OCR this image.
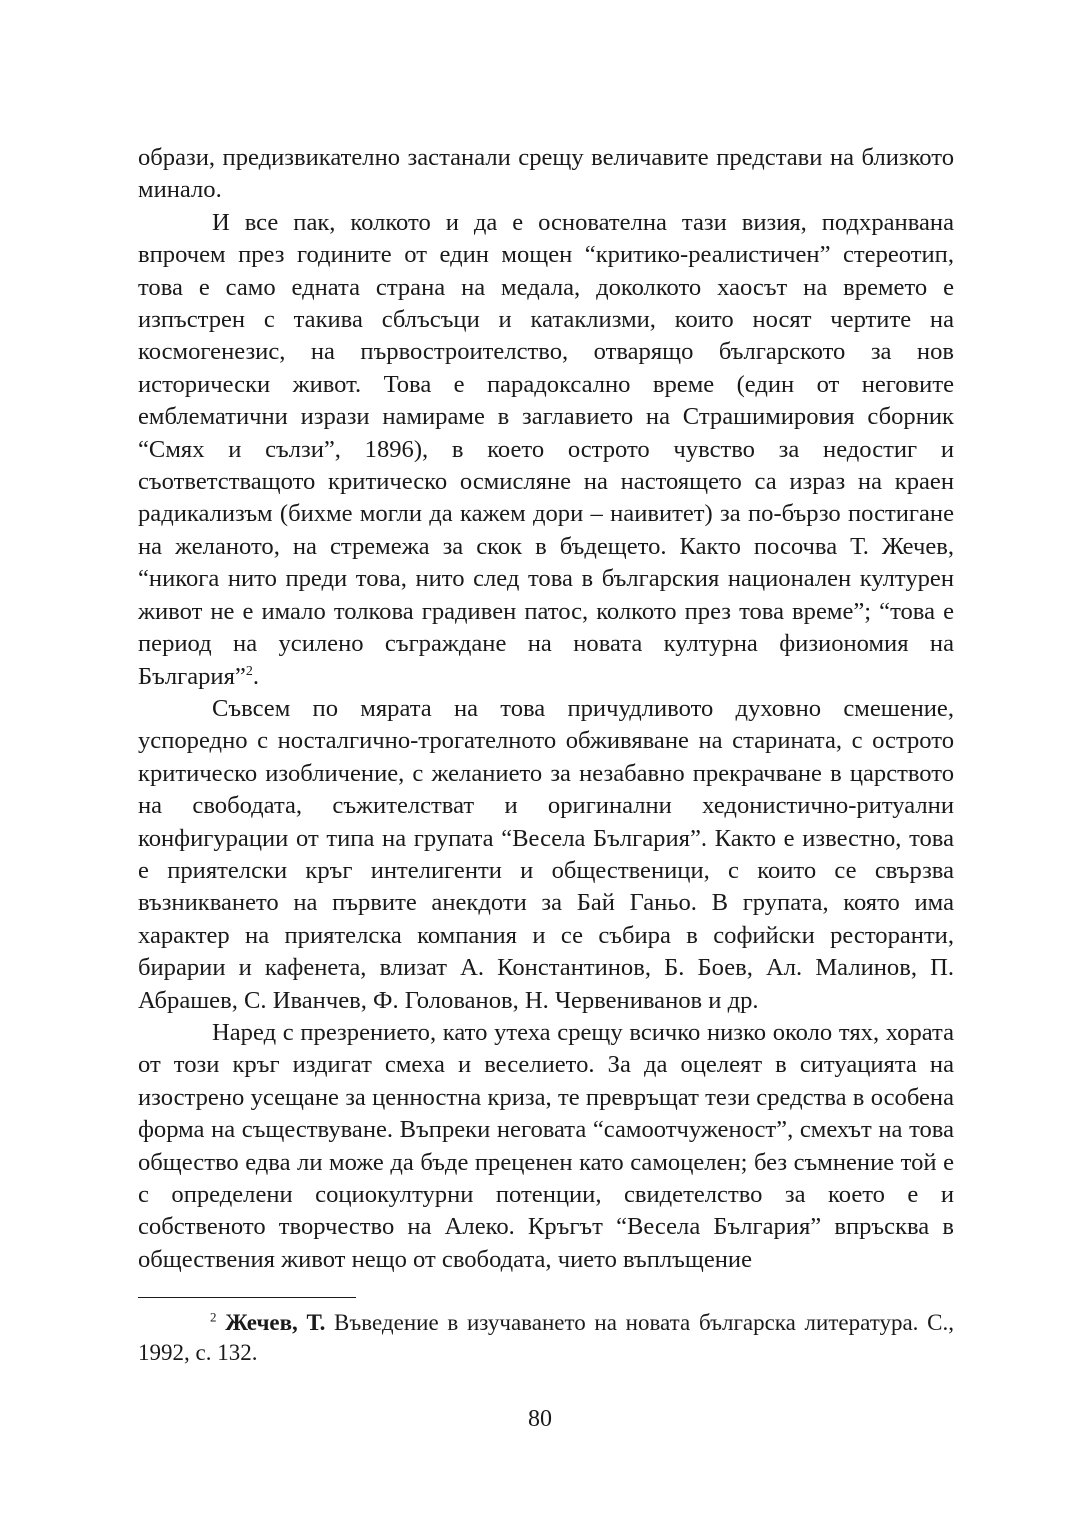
образи, предизвикателно застанали срещу величавите представи на близкото минало.

И все пак, колкото и да е основателна тази визия, подхранвана впрочем през годините от един мощен “критико-реалистичен” стереотип, това е само едната страна на медала, доколкото хаосът на времето е изпъстрен с такива сблъсъци и катаклизми, които носят чертите на космогенезис, на първостроителство, отварящо българското за нов исторически живот. Това е парадоксално време (един от неговите емблематични изрази намираме в заглавието на Страшимировия сборник “Смях и сълзи”, 1896), в което острото чувство за недостиг и съответстващото критическо осмисляне на настоящето са израз на краен радикализъм (бихме могли да кажем дори – наивитет) за по-бързо постигане на желаното, на стремежа за скок в бъдещето. Както посочва Т. Жечев, “никога нито преди това, нито след това в българския национален културен живот не е имало толкова градивен патос, колкото през това време”; “това е период на усилено съграждане на новата културна физиономия на България”$^2$.

Съвсем по мярата на това причудливото духовно смешение, успоредно с носталгично-трогателното обживяване на старината, с острото критическо изобличение, с желанието за незабавно прекрачване в царството на свободата, съжителстват и оригинални хедонистично-ритуални конфигурации от типа на групата “Весела България”. Както е известно, това е приятелски кръг интелигенти и общественици, с които се свързва възникването на първите анекдоти за Бай Ганьо. В групата, която има характер на приятелска компания и се събира в софийски ресторанти, бирарии и кафенета, влизат А. Константинов, Б. Боев, Ал. Малинов, П. Абрашев, С. Иванчев, Ф. Голованов, Н. Червениванов и др.

Наред с презрението, като утеха срещу всичко низко около тях, хората от този кръг издигат смеха и веселието. За да оцелеят в ситуацията на изострено усещане за ценностна криза, те превръщат тези средства в особена форма на съществуване. Въпреки неговата “самоотчуженост”, смехът на това общество едва ли може да бъде преценен като самоцелен; без съмнение той е с определени социокултурни потенции, свидетелство за което е и собственото творчество на Алеко. Кръгът “Весела България” впръсква в обществения живот нещо от свободата, чието въплъщение

$^2$ Жечев, Т. Въведение в изучаването на новата българска литература. С., 1992, с. 132.

80
